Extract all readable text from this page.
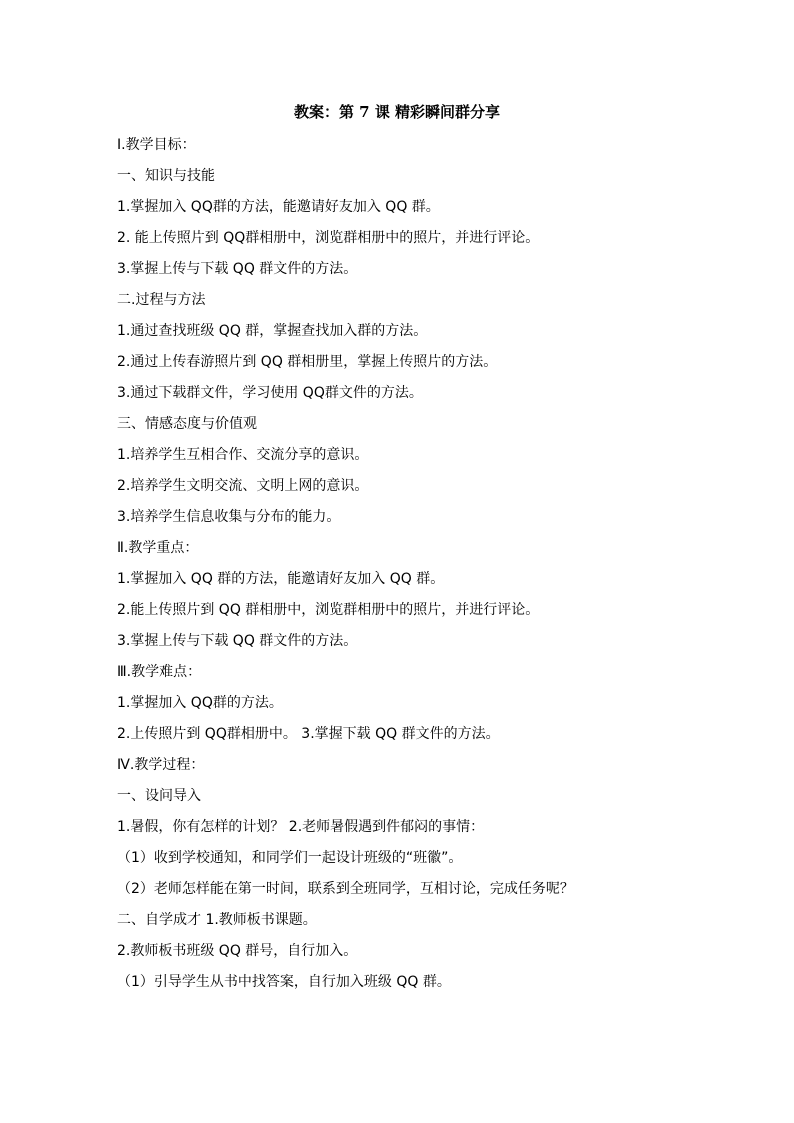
教案：第 7 课 精彩瞬间群分享
Ⅰ.教学目标：
一、知识与技能
1.掌握加入 QQ群的方法，能邀请好友加入 QQ 群。
2. 能上传照片到 QQ群相册中，浏览群相册中的照片，并进行评论。
3.掌握上传与下载 QQ 群文件的方法。
二.过程与方法
1.通过查找班级 QQ 群，掌握查找加入群的方法。
2.通过上传春游照片到 QQ 群相册里，掌握上传照片的方法。
3.通过下载群文件，学习使用 QQ群文件的方法。
三、情感态度与价值观
1.培养学生互相合作、交流分享的意识。
2.培养学生文明交流、文明上网的意识。
3.培养学生信息收集与分布的能力。
Ⅱ.教学重点：
1.掌握加入 QQ 群的方法，能邀请好友加入 QQ 群。
2.能上传照片到 QQ 群相册中，浏览群相册中的照片，并进行评论。
3.掌握上传与下载 QQ 群文件的方法。
Ⅲ.教学难点：
1.掌握加入 QQ群的方法。
2.上传照片到 QQ群相册中。 3.掌握下载 QQ 群文件的方法。
Ⅳ.教学过程：
一、设问导入
1.暑假，你有怎样的计划？ 2.老师暑假遇到件郁闷的事情：
（1）收到学校通知，和同学们一起设计班级的“班徽”。
（2）老师怎样能在第一时间，联系到全班同学，互相讨论，完成任务呢？
二、自学成才 1.教师板书课题。
2.教师板书班级 QQ 群号，自行加入。
（1）引导学生从书中找答案，自行加入班级 QQ 群。
